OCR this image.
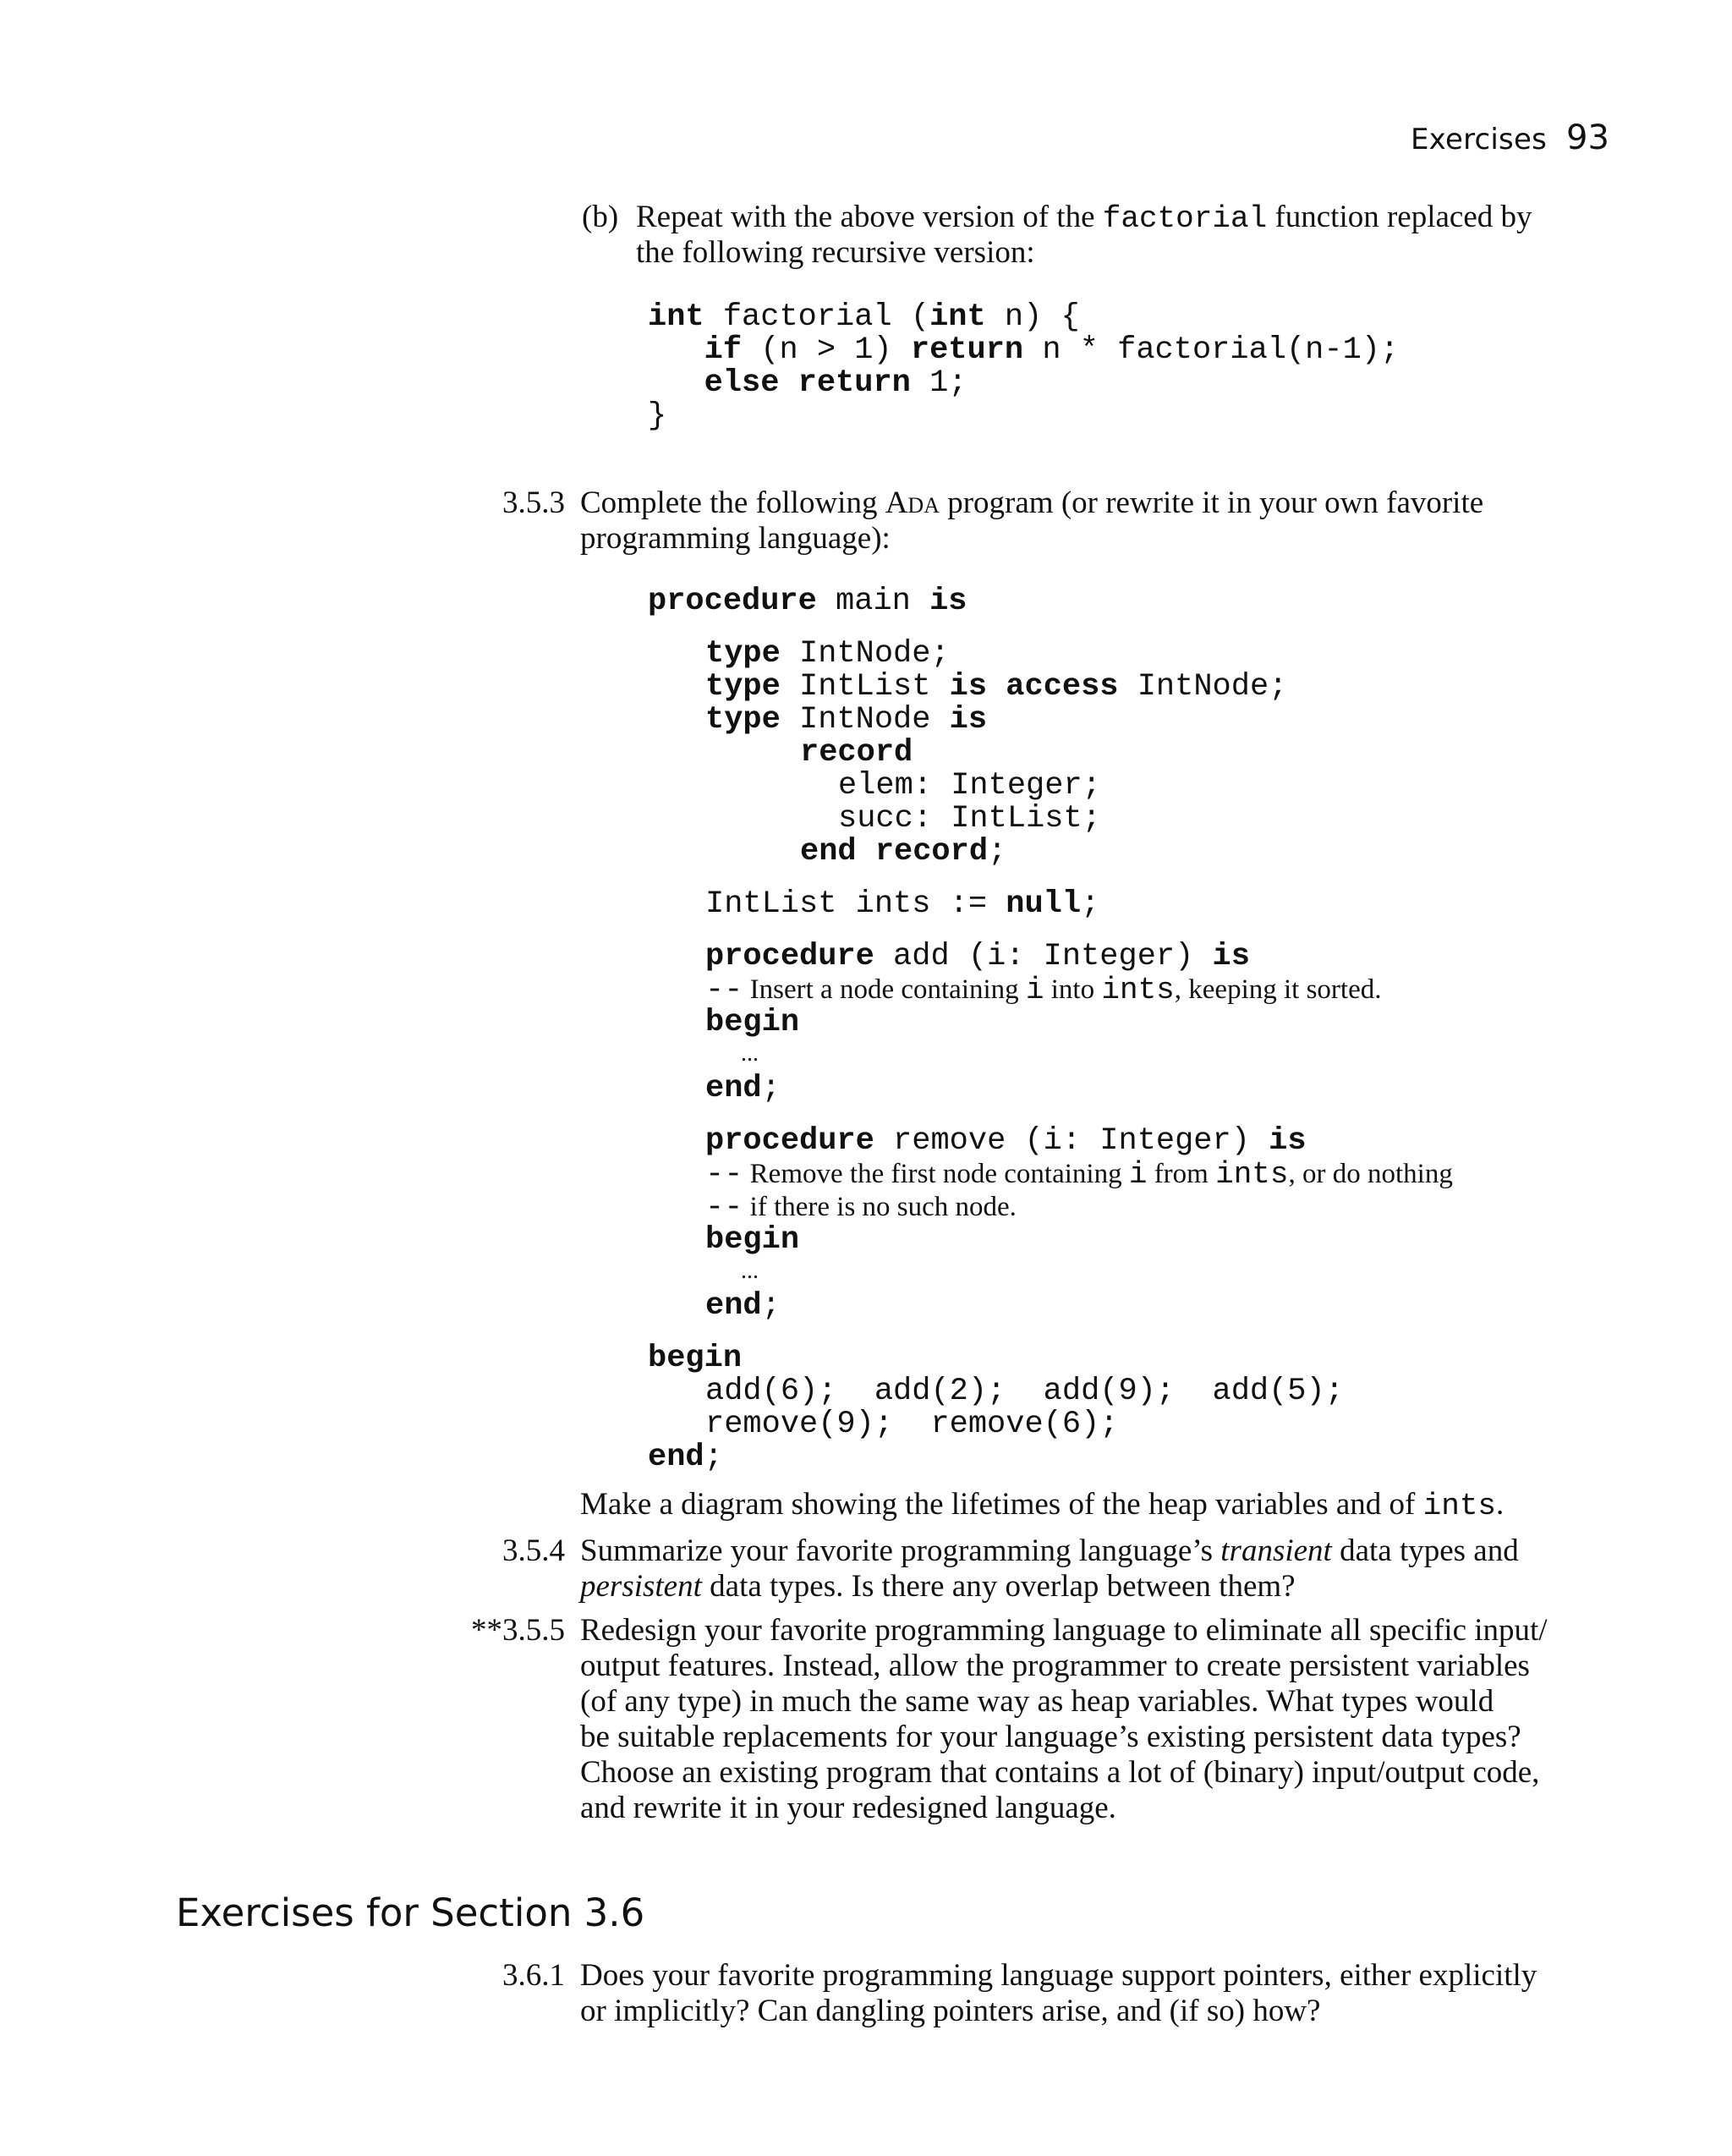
Exercises 93
(b) Repeat with the above version of the factorial function replaced by
the following recursive version:
int factorial (int n) {
if (n > 1) return n * factorial(n-1);
else return 1;
}
3.5.3 Complete the following Ada program (or rewrite it in your own favorite
programming language):
procedure main is
type IntNode;
type IntList is access IntNode;
type IntNode is
record
elem: Integer;
succ: IntList;
end record;
IntList ints := null;
procedure add (i: Integer) is
-- Insert a node containing i into ints, keeping it sorted.
begin
...
end;
procedure remove (i: Integer) is
-- Remove the first node containing i from ints, or do nothing
-- if there is no such node.
begin
...
end;
begin
add(6);  add(2);  add(9);  add(5);
remove(9);  remove(6);
end;
Make a diagram showing the lifetimes of the heap variables and of ints.
3.5.4 Summarize your favorite programming language’s transient data types and
persistent data types. Is there any overlap between them?
**3.5.5 Redesign your favorite programming language to eliminate all specific input/
output features. Instead, allow the programmer to create persistent variables
(of any type) in much the same way as heap variables. What types would
be suitable replacements for your language’s existing persistent data types?
Choose an existing program that contains a lot of (binary) input/output code,
and rewrite it in your redesigned language.
Exercises for Section 3.6
3.6.1 Does your favorite programming language support pointers, either explicitly
or implicitly? Can dangling pointers arise, and (if so) how?
